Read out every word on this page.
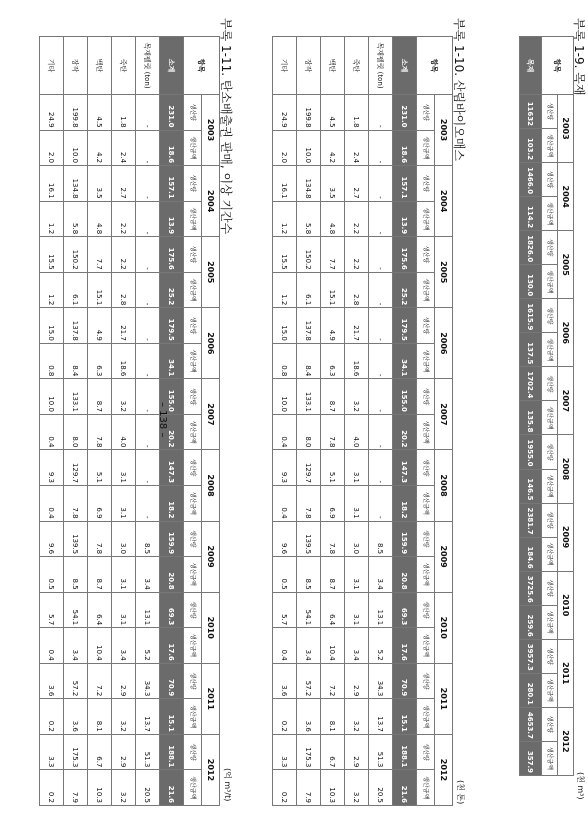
부록 1-9. 목재
(천 m³)
항목	2003		2004		2005		2006		2007		2008		2009		2010		2011		2012	
	생산량	생산금액	생산량	생산금액	생산량	생산금액	생산량	생산금액	생산량	생산금액	생산량	생산금액	생산량	생산금액	생산량	생산금액	생산량	생산금액	생산량	생산금액
목재	11632	103.2	1466.0	114.2	1826.0	130.0	1615.9	137.5	1702.4	135.8	1955.0	146.5	2381.7	184.6	3725.6	259.6	3957.3	280.1	4653.7	357.9
부록 1-10. 산림바이오매스
(천 톤)
항목	2003		2004		2005		2006		2007		2008		2009		2010		2011		2012	
	생산량	생산금액	생산량	생산금액	생산량	생산금액	생산량	생산금액	생산량	생산금액	생산량	생산금액	생산량	생산금액	생산량	생산금액	생산량	생산금액	생산량	생산금액
소계	231.0	18.6	157.1	13.9	175.6	25.2	179.5	34.1	155.0	20.2	147.3	18.2	159.9	20.8	69.3	17.6	70.9	15.1	188.1	21.6
목재펠릿 (ton)	-	-	-	-	-	-	-	-	-	-	-	-	8.5	3.4	13.1	5.2	34.3	13.7	51.3	20.5
죽탄	1.8	2.4	2.7	2.2	2.2	2.8	21.7	18.6	3.2	4.0	3.1	3.1	3.0	3.1	3.1	3.4	2.9	3.2	2.9	3.2
백탄	4.5	4.2	3.5	4.8	7.7	15.1	4.9	6.3	8.7	7.8	5.1	6.9	7.8	8.7	6.4	10.4	7.2	8.1	6.7	10.3
장작	199.8	10.0	134.8	5.8	150.2	6.1	137.8	8.4	133.1	8.0	129.7	7.8	139.5	8.5	54.1	3.4	57.2	3.6	175.3	7.9
기타	24.9	2.0	16.1	1.2	15.5	1.2	15.0	0.8	10.0	0.4	9.3	0.4	9.6	0.5	5.7	0.4	3.6	0.2	3.3	0.2
부록 1-11. 탄소배출권 판매, 이상 기간수
(억 m³/t)
항목	2003		2004		2005		2006		2007		2008		2009		2010		2011		2012	
	생산량	생산금액	생산량	생산금액	생산량	생산금액	생산량	생산금액	생산량	생산금액	생산량	생산금액	생산량	생산금액	생산량	생산금액	생산량	생산금액	생산량	생산금액
소계	231.0	18.6	157.1	13.9	175.6	25.2	179.5	34.1	155.0	20.2	147.3	18.2	159.9	20.8	69.3	17.6	70.9	15.1	188.1	21.6
목재펠릿 (ton)	-	-	-	-	-	-	-	-	-	-	-	-	8.5	3.4	13.1	5.2	34.3	13.7	51.3	20.5
죽탄	1.8	2.4	2.7	2.2	2.2	2.8	21.7	18.6	3.2	4.0	3.1	3.1	3.0	3.1	3.1	3.4	2.9	3.2	2.9	3.2
백탄	4.5	4.2	3.5	4.8	7.7	15.1	4.9	6.3	8.7	7.8	5.1	6.9	7.8	8.7	6.4	10.4	7.2	8.1	6.7	10.3
장작	199.8	10.0	134.8	5.8	150.2	6.1	137.8	8.4	133.1	8.0	129.7	7.8	139.5	8.5	54.1	3.4	57.2	3.6	175.3	7.9
기타	24.9	2.0	16.1	1.2	15.5	1.2	15.0	0.8	10.0	0.4	9.3	0.4	9.6	0.5	5.7	0.4	3.6	0.2	3.3	0.2
– 138 –
